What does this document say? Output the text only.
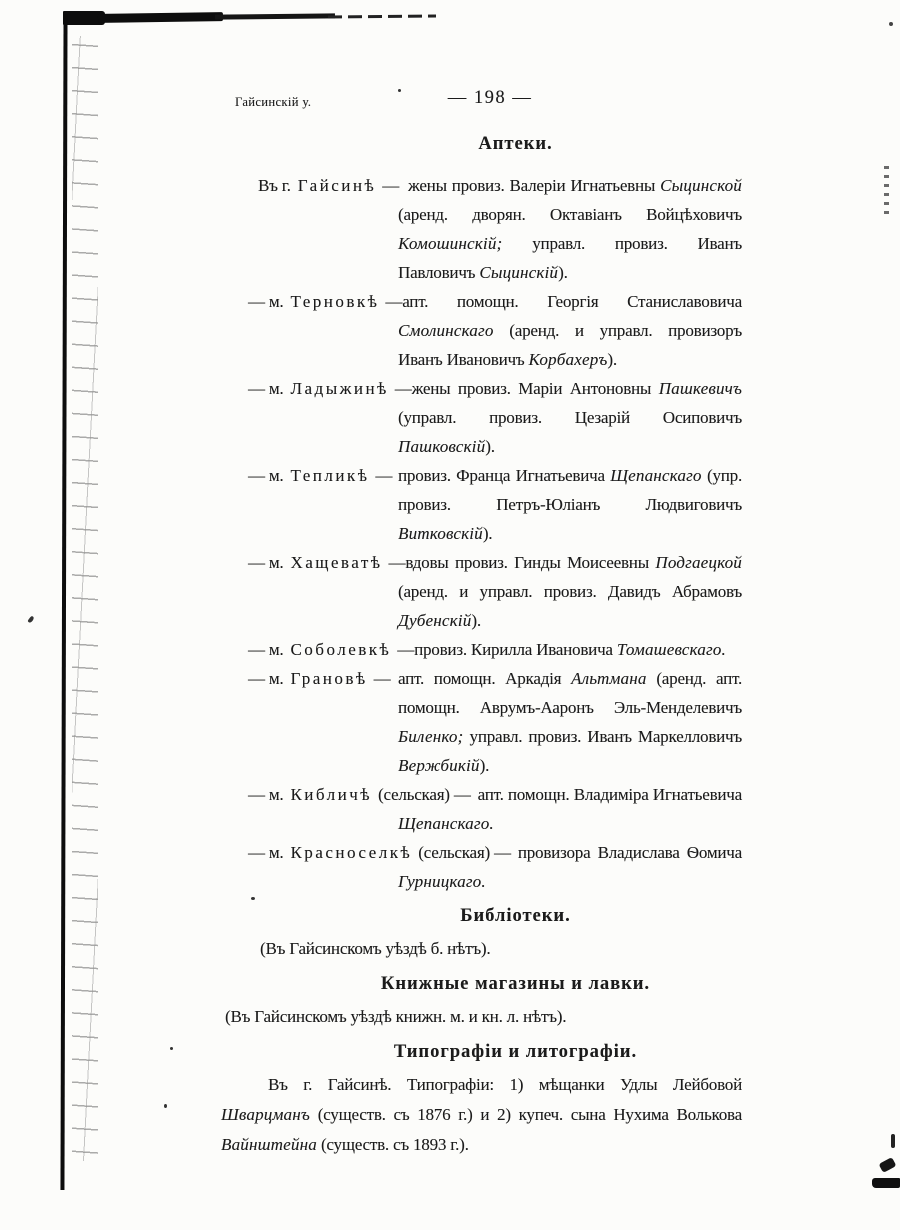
Гайсинскій у.	— 198 —
Аптеки.

Въ г. Гайсинѣ — жены провиз. Валеріи Игнатьевны Сыцинской (аренд. дворян. Октавіанъ Войцѣховичъ Комошинскій; управл. провиз. Иванъ Павловичъ Сыцинскій).

— м. Терновкѣ —апт. помощн. Георгія Станиславовича Смолинскаго (аренд. и управл. провизоръ Иванъ Ивановичъ Корбахеръ).

— м. Ладыжинѣ —жены провиз. Маріи Антоновны Пашкевичъ (управл. провиз. Цезарій Осиповичъ Пашковскій).

— м. Тепликѣ — провиз. Франца Игнатьевича Щепанскаго (упр. провиз. Петръ-Юліанъ Людвиговичъ Витковскій).

— м. Хащеватѣ —вдовы провиз. Гинды Моисеевны Подгаецкой (аренд. и управл. провиз. Давидъ Абрамовъ Дубенскій).

— м. Соболевкѣ —провиз. Кирилла Ивановича Томашевскаго.

— м. Грановѣ — апт. помощн. Аркадія Альтмана (аренд. апт. помощн. Аврумъ-Ааронъ Эль-Менделевичъ Биленко; управл. провиз. Иванъ Маркелловичъ Вержбикій).

— м. Кибличѣ (сельская) — апт. помощн. Владиміра Игнатьевича Щепанскаго.

— м. Красноселкѣ (сельская) — провизора Владислава Ѳомича Гурницкаго.

Библіотеки.

(Въ Гайсинскомъ уѣздѣ б. нѣтъ).

Книжные магазины и лавки.

(Въ Гайсинскомъ уѣздѣ книжн. м. и кн. л. нѣтъ).

Типографіи и литографіи.

Въ г. Гайсинѣ. Типографіи: 1) мѣщанки Удлы Лейбовой Шварцманъ (существ. съ 1876 г.) и 2) купеч. сына Нухима Волькова Вайнштейна (существ. съ 1893 г.).
